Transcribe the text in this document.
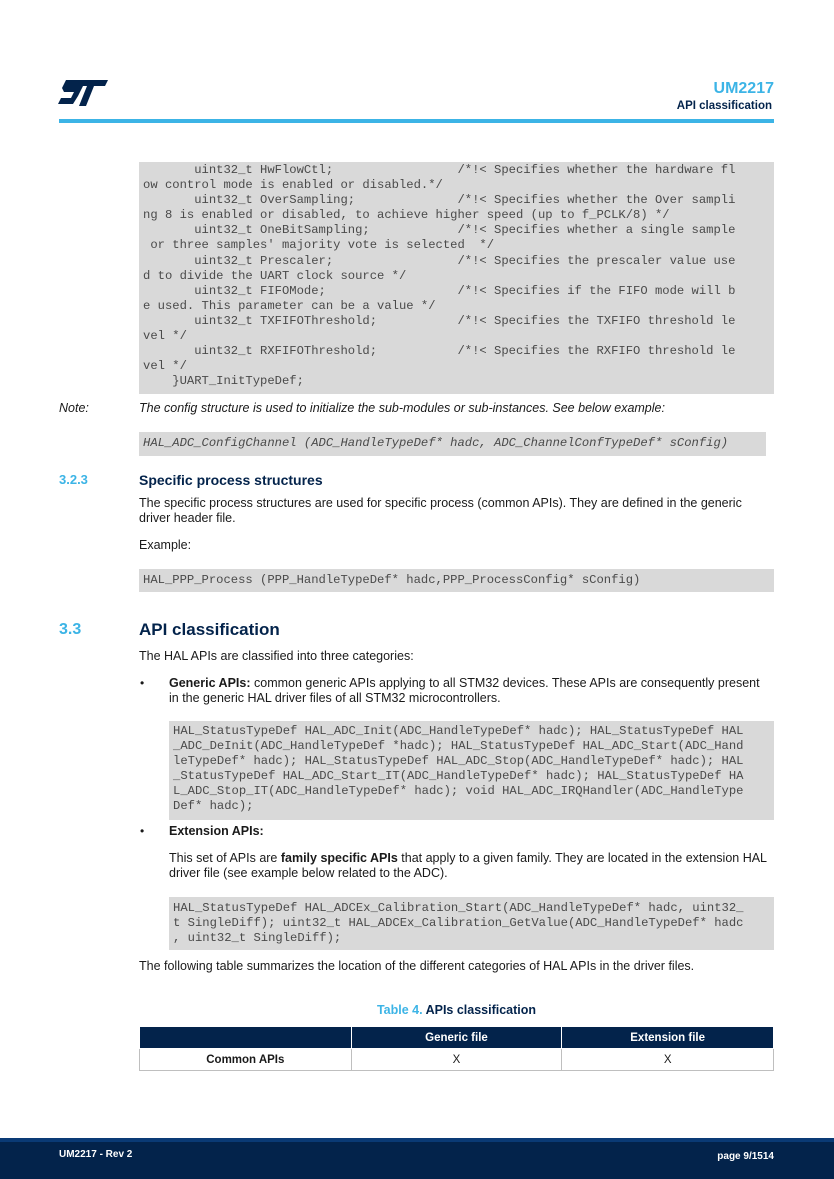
UM2217
API classification
uint32_t HwFlowCtl;                 /*!< Specifies whether the hardware fl
ow control mode is enabled or disabled.*/
uint32_t OverSampling;              /*!< Specifies whether the Over sampli
ng 8 is enabled or disabled, to achieve higher speed (up to f_PCLK/8) */
uint32_t OneBitSampling;            /*!< Specifies whether a single sample
or three samples' majority vote is selected  */
uint32_t Prescaler;                 /*!< Specifies the prescaler value use
d to divide the UART clock source */
uint32_t FIFOMode;                  /*!< Specifies if the FIFO mode will b
e used. This parameter can be a value */
uint32_t TXFIFOThreshold;           /*!< Specifies the TXFIFO threshold le
vel */
uint32_t RXFIFOThreshold;           /*!< Specifies the RXFIFO threshold le
vel */
}UART_InitTypeDef;
Note:	The config structure is used to initialize the sub-modules or sub-instances. See below example:
HAL_ADC_ConfigChannel (ADC_HandleTypeDef* hadc, ADC_ChannelConfTypeDef* sConfig)
3.2.3	Specific process structures
The specific process structures are used for specific process (common APIs). They are defined in the generic
driver header file.
Example:
HAL_PPP_Process (PPP_HandleTypeDef* hadc,PPP_ProcessConfig* sConfig)
3.3	API classification
The HAL APIs are classified into three categories:
• Generic APIs: common generic APIs applying to all STM32 devices. These APIs are consequently present
in the generic HAL driver files of all STM32 microcontrollers.
HAL_StatusTypeDef HAL_ADC_Init(ADC_HandleTypeDef* hadc); HAL_StatusTypeDef HAL
_ADC_DeInit(ADC_HandleTypeDef *hadc); HAL_StatusTypeDef HAL_ADC_Start(ADC_Hand
leTypeDef* hadc); HAL_StatusTypeDef HAL_ADC_Stop(ADC_HandleTypeDef* hadc); HAL
_StatusTypeDef HAL_ADC_Start_IT(ADC_HandleTypeDef* hadc); HAL_StatusTypeDef HA
L_ADC_Stop_IT(ADC_HandleTypeDef* hadc); void HAL_ADC_IRQHandler(ADC_HandleType
Def* hadc);
• Extension APIs:
This set of APIs are family specific APIs that apply to a given family. They are located in the extension HAL
driver file (see example below related to the ADC).
HAL_StatusTypeDef HAL_ADCEx_Calibration_Start(ADC_HandleTypeDef* hadc, uint32_
t SingleDiff); uint32_t HAL_ADCEx_Calibration_GetValue(ADC_HandleTypeDef* hadc
, uint32_t SingleDiff);
The following table summarizes the location of the different categories of HAL APIs in the driver files.
Table 4. APIs classification
	Generic file	Extension file
Common APIs	X	X
UM2217 - Rev 2	page 9/1514
